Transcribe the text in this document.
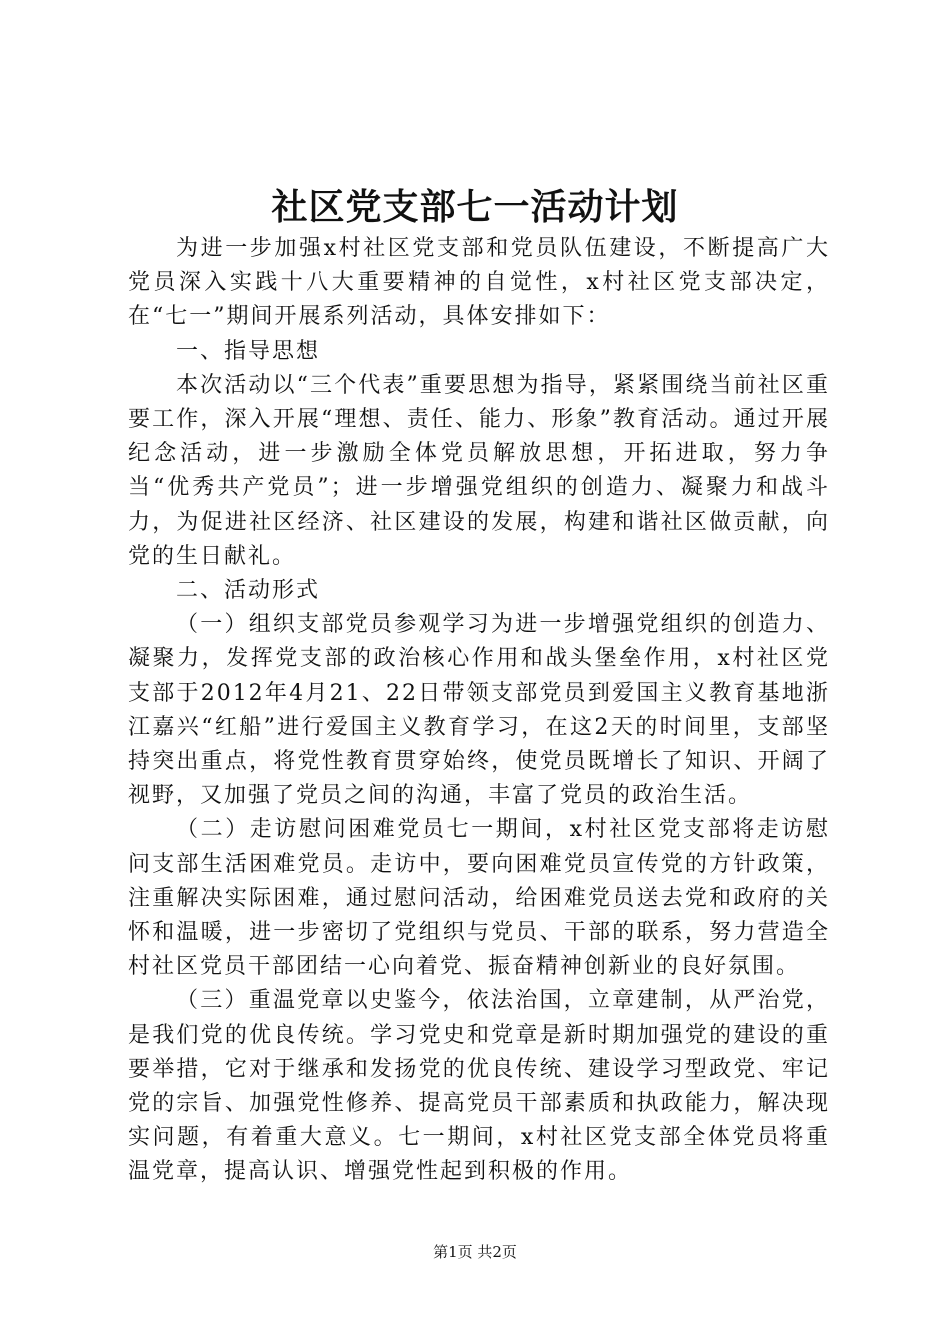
社区党支部七一活动计划

为进一步加强x村社区党支部和党员队伍建设，不断提高广大党员深入实践十八大重要精神的自觉性，x村社区党支部决定，在“七一”期间开展系列活动，具体安排如下：

一、指导思想

本次活动以“三个代表”重要思想为指导，紧紧围绕当前社区重要工作，深入开展“理想、责任、能力、形象”教育活动。通过开展纪念活动，进一步激励全体党员解放思想，开拓进取，努力争当“优秀共产党员”；进一步增强党组织的创造力、凝聚力和战斗力，为促进社区经济、社区建设的发展，构建和谐社区做贡献，向党的生日献礼。

二、活动形式

（一）组织支部党员参观学习为进一步增强党组织的创造力、凝聚力，发挥党支部的政治核心作用和战头堡垒作用，x村社区党支部于2012年4月21、22日带领支部党员到爱国主义教育基地浙江嘉兴“红船”进行爱国主义教育学习，在这2天的时间里，支部坚持突出重点，将党性教育贯穿始终，使党员既增长了知识、开阔了视野，又加强了党员之间的沟通，丰富了党员的政治生活。

（二）走访慰问困难党员七一期间，x村社区党支部将走访慰问支部生活困难党员。走访中，要向困难党员宣传党的方针政策，注重解决实际困难，通过慰问活动，给困难党员送去党和政府的关怀和温暖，进一步密切了党组织与党员、干部的联系，努力营造全村社区党员干部团结一心向着党、振奋精神创新业的良好氛围。

（三）重温党章以史鉴今，依法治国，立章建制，从严治党，是我们党的优良传统。学习党史和党章是新时期加强党的建设的重要举措，它对于继承和发扬党的优良传统、建设学习型政党、牢记党的宗旨、加强党性修养、提高党员干部素质和执政能力，解决现实问题，有着重大意义。七一期间，x村社区党支部全体党员将重温党章，提高认识、增强党性起到积极的作用。

第1页 共2页
